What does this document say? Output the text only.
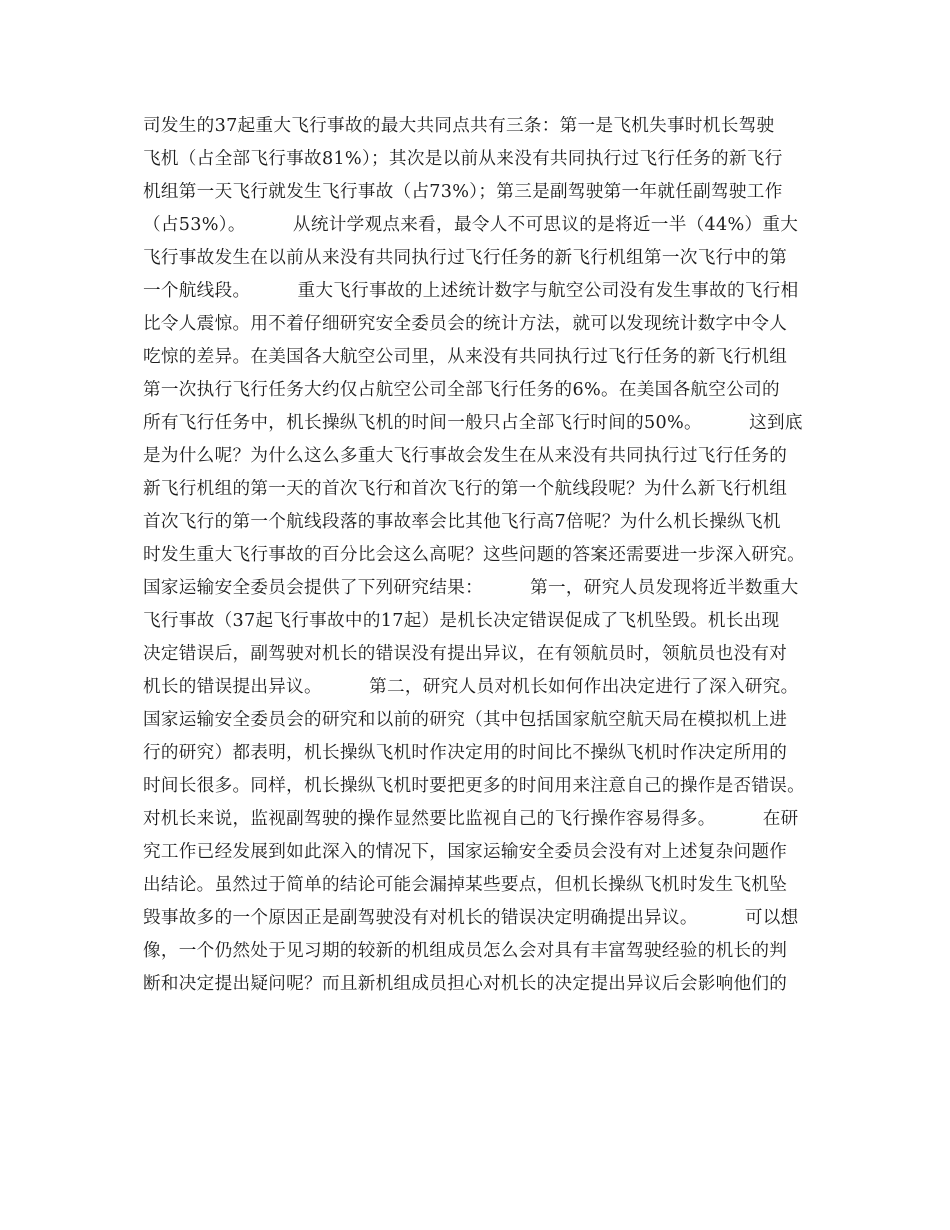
司发生的37起重大飞行事故的最大共同点共有三条：第一是飞机失事时机长驾驶
飞机（占全部飞行事故81%）；其次是以前从来没有共同执行过飞行任务的新飞行
机组第一天飞行就发生飞行事故（占73%）；第三是副驾驶第一年就任副驾驶工作
（占53%）。        从统计学观点来看，最令人不可思议的是将近一半（44%）重大
飞行事故发生在以前从来没有共同执行过飞行任务的新飞行机组第一次飞行中的第
一个航线段。        重大飞行事故的上述统计数字与航空公司没有发生事故的飞行相
比令人震惊。用不着仔细研究安全委员会的统计方法，就可以发现统计数字中令人
吃惊的差异。在美国各大航空公司里，从来没有共同执行过飞行任务的新飞行机组
第一次执行飞行任务大约仅占航空公司全部飞行任务的6%。在美国各航空公司的
所有飞行任务中，机长操纵飞机的时间一般只占全部飞行时间的50%。        这到底
是为什么呢？为什么这么多重大飞行事故会发生在从来没有共同执行过飞行任务的
新飞行机组的第一天的首次飞行和首次飞行的第一个航线段呢？为什么新飞行机组
首次飞行的第一个航线段落的事故率会比其他飞行高7倍呢？为什么机长操纵飞机
时发生重大飞行事故的百分比会这么高呢？这些问题的答案还需要进一步深入研究。
国家运输安全委员会提供了下列研究结果：        第一，研究人员发现将近半数重大
飞行事故（37起飞行事故中的17起）是机长决定错误促成了飞机坠毁。机长出现
决定错误后，副驾驶对机长的错误没有提出异议，在有领航员时，领航员也没有对
机长的错误提出异议。        第二，研究人员对机长如何作出决定进行了深入研究。
国家运输安全委员会的研究和以前的研究（其中包括国家航空航天局在模拟机上进
行的研究）都表明，机长操纵飞机时作决定用的时间比不操纵飞机时作决定所用的
时间长很多。同样，机长操纵飞机时要把更多的时间用来注意自己的操作是否错误。
对机长来说，监视副驾驶的操作显然要比监视自己的飞行操作容易得多。        在研
究工作已经发展到如此深入的情况下，国家运输安全委员会没有对上述复杂问题作
出结论。虽然过于简单的结论可能会漏掉某些要点，但机长操纵飞机时发生飞机坠
毁事故多的一个原因正是副驾驶没有对机长的错误决定明确提出异议。        可以想
像，一个仍然处于见习期的较新的机组成员怎么会对具有丰富驾驶经验的机长的判
断和决定提出疑问呢？而且新机组成员担心对机长的决定提出异议后会影响他们的
